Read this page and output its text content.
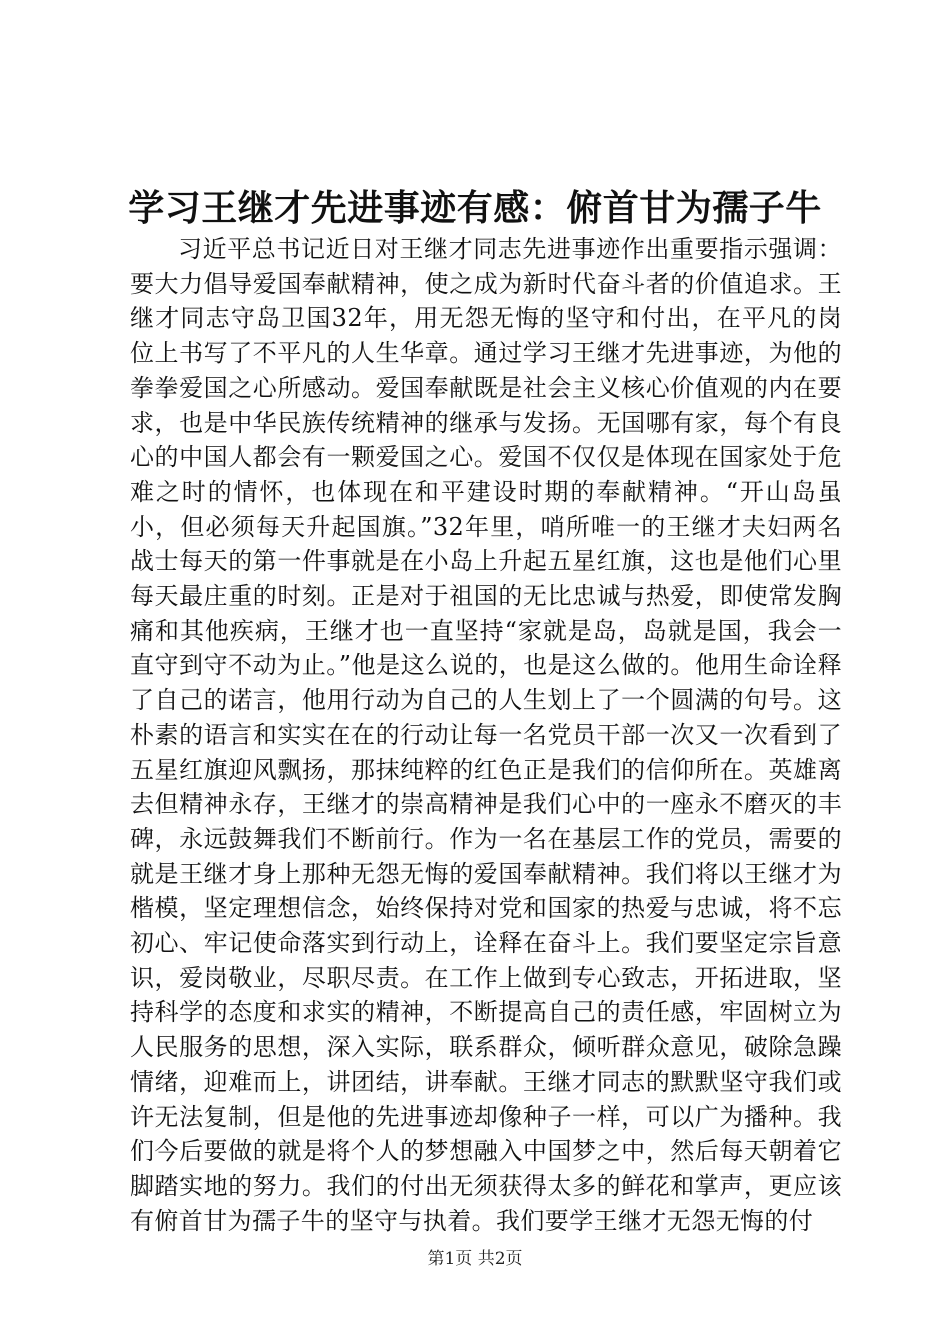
学习王继才先进事迹有感：俯首甘为孺子牛

习近平总书记近日对王继才同志先进事迹作出重要指示强调：要大力倡导爱国奉献精神，使之成为新时代奋斗者的价值追求。王继才同志守岛卫国32年，用无怨无悔的坚守和付出，在平凡的岗位上书写了不平凡的人生华章。通过学习王继才先进事迹，为他的拳拳爱国之心所感动。爱国奉献既是社会主义核心价值观的内在要求，也是中华民族传统精神的继承与发扬。无国哪有家，每个有良心的中国人都会有一颗爱国之心。爱国不仅仅是体现在国家处于危难之时的情怀，也体现在和平建设时期的奉献精神。“开山岛虽小，但必须每天升起国旗。”32年里，哨所唯一的王继才夫妇两名战士每天的第一件事就是在小岛上升起五星红旗，这也是他们心里每天最庄重的时刻。正是对于祖国的无比忠诚与热爱，即使常发胸痛和其他疾病，王继才也一直坚持“家就是岛，岛就是国，我会一直守到守不动为止。”他是这么说的，也是这么做的。他用生命诠释了自己的诺言，他用行动为自己的人生划上了一个圆满的句号。这朴素的语言和实实在在的行动让每一名党员干部一次又一次看到了五星红旗迎风飘扬，那抹纯粹的红色正是我们的信仰所在。英雄离去但精神永存，王继才的崇高精神是我们心中的一座永不磨灭的丰碑，永远鼓舞我们不断前行。作为一名在基层工作的党员，需要的就是王继才身上那种无怨无悔的爱国奉献精神。我们将以王继才为楷模，坚定理想信念，始终保持对党和国家的热爱与忠诚，将不忘初心、牢记使命落实到行动上，诠释在奋斗上。我们要坚定宗旨意识，爱岗敬业，尽职尽责。在工作上做到专心致志，开拓进取，坚持科学的态度和求实的精神，不断提高自己的责任感，牢固树立为人民服务的思想，深入实际，联系群众，倾听群众意见，破除急躁情绪，迎难而上，讲团结，讲奉献。王继才同志的默默坚守我们或许无法复制，但是他的先进事迹却像种子一样，可以广为播种。我们今后要做的就是将个人的梦想融入中国梦之中，然后每天朝着它脚踏实地的努力。我们的付出无须获得太多的鲜花和掌声，更应该有俯首甘为孺子牛的坚守与执着。我们要学王继才无怨无悔的付

第1页 共2页
